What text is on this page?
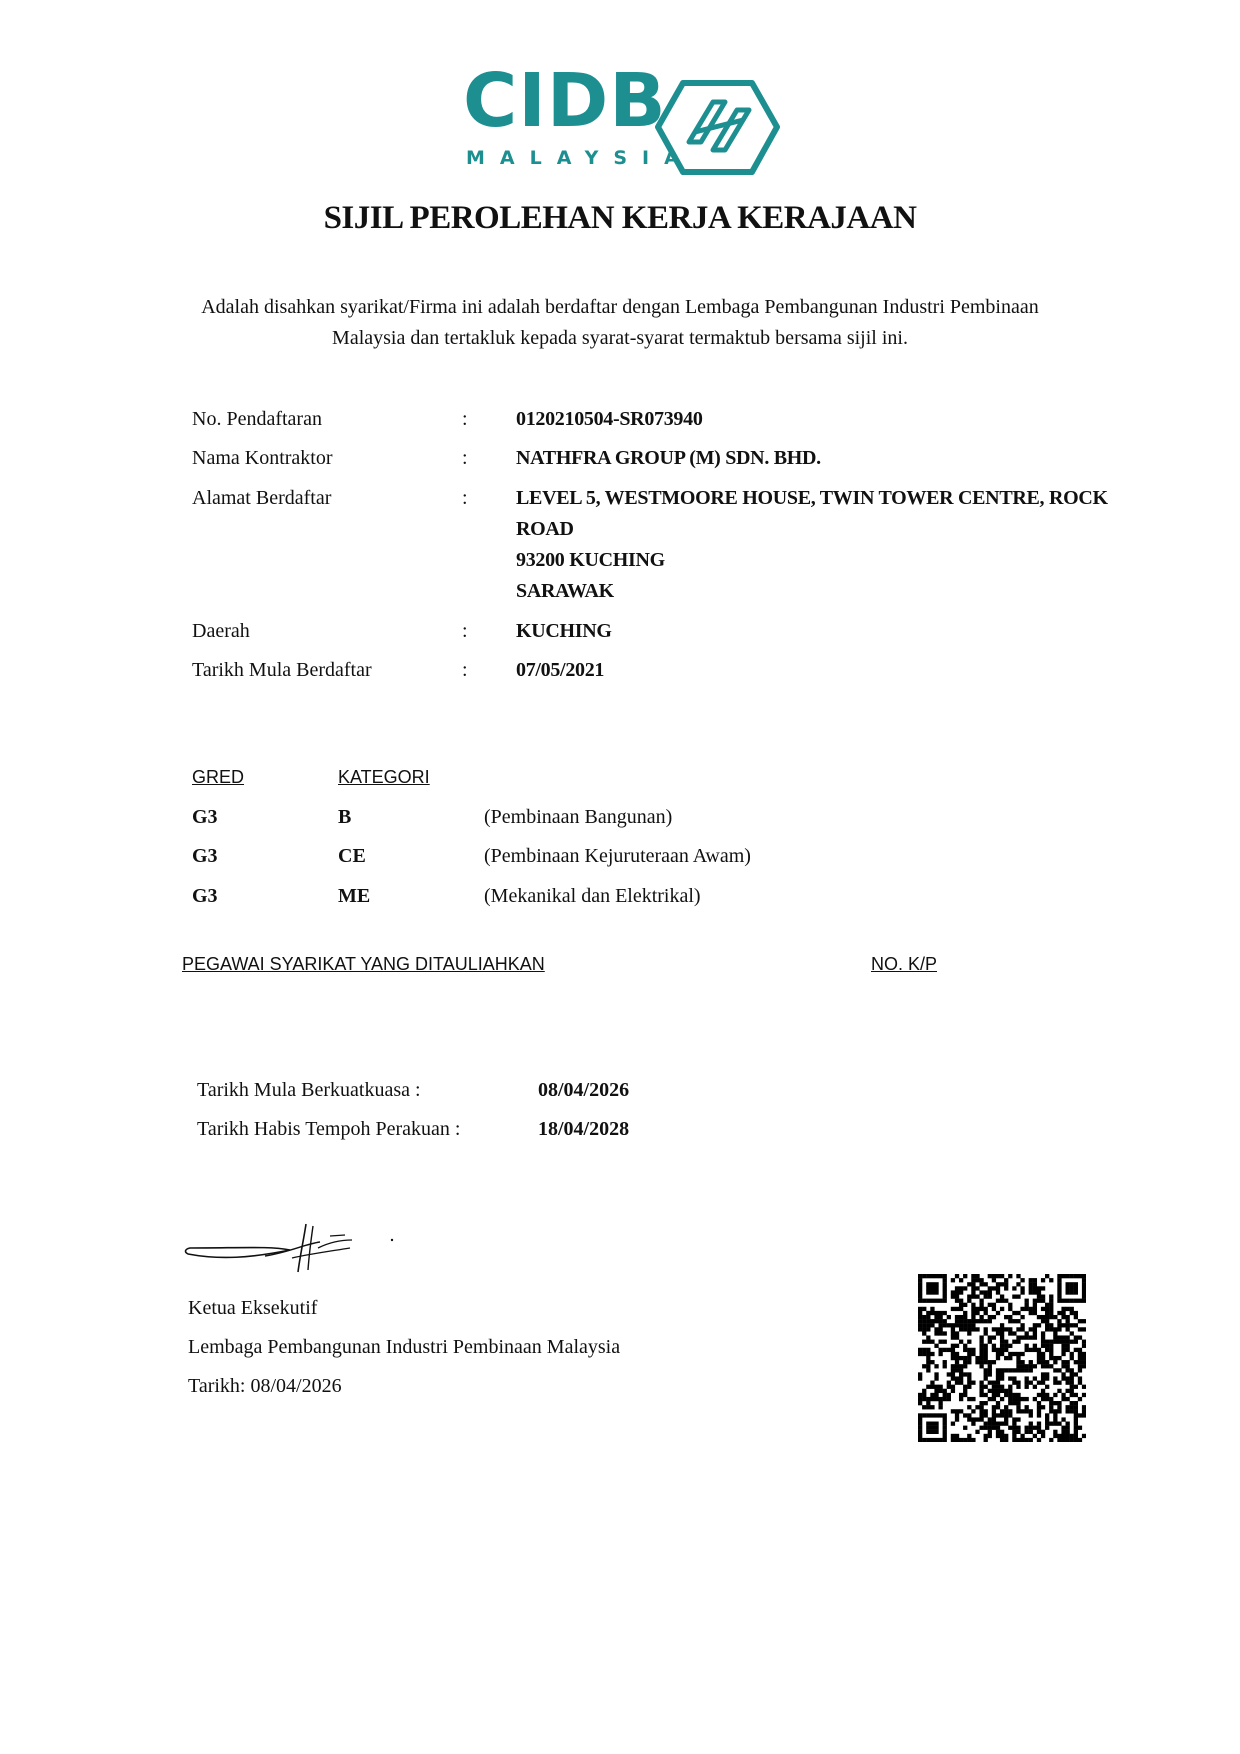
CIDB
MALAYSIA
SIJIL PEROLEHAN KERJA KERAJAAN
Adalah disahkan syarikat/Firma ini adalah berdaftar dengan Lembaga Pembangunan Industri Pembinaan
Malaysia dan tertakluk kepada syarat-syarat termaktub bersama sijil ini.
No. Pendaftaran	: 0120210504-SR073940
Nama Kontraktor	: NATHFRA GROUP (M) SDN. BHD.
Alamat Berdaftar	: LEVEL 5, WESTMOORE HOUSE, TWIN TOWER CENTRE, ROCK
ROAD
93200 KUCHING
SARAWAK
Daerah	: KUCHING
Tarikh Mula Berdaftar	: 07/05/2021
GRED	KATEGORI
G3	B	(Pembinaan Bangunan)
G3	CE	(Pembinaan Kejuruteraan Awam)
G3	ME	(Mekanikal dan Elektrikal)
PEGAWAI SYARIKAT YANG DITAULIAHKAN	NO. K/P
Tarikh Mula Berkuatkuasa :	08/04/2026
Tarikh Habis Tempoh Perakuan :	18/04/2028
Ketua Eksekutif
Lembaga Pembangunan Industri Pembinaan Malaysia
Tarikh: 08/04/2026
